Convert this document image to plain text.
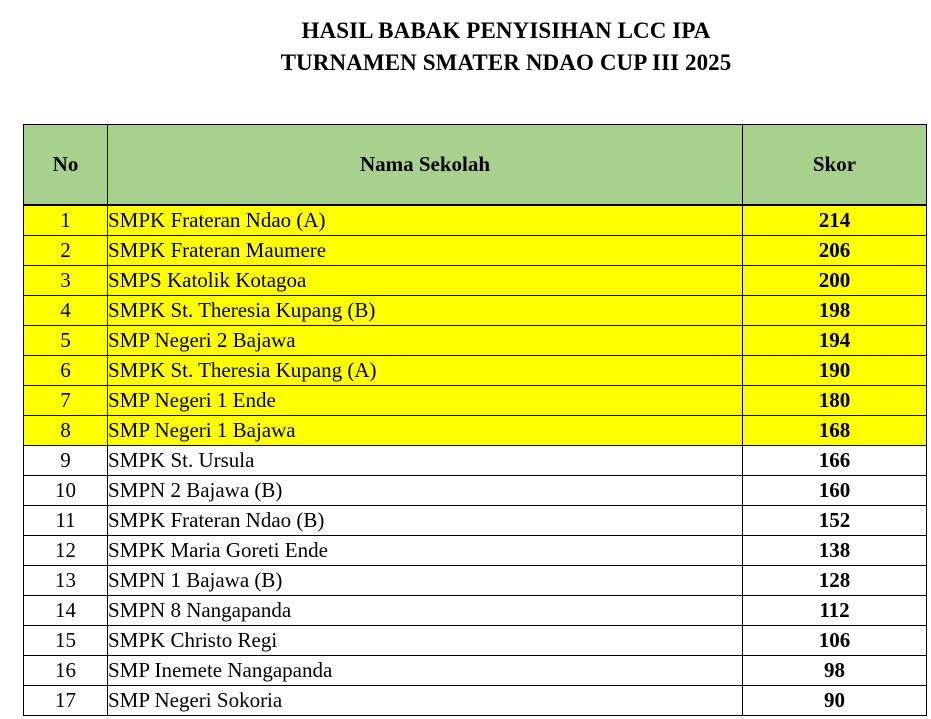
HASIL BABAK PENYISIHAN LCC IPA
TURNAMEN SMATER NDAO CUP III 2025
No	Nama Sekolah	Skor
1	SMPK Frateran Ndao (A)	214
2	SMPK Frateran Maumere	206
3	SMPS Katolik Kotagoa	200
4	SMPK St. Theresia Kupang (B)	198
5	SMP Negeri 2 Bajawa	194
6	SMPK St. Theresia Kupang (A)	190
7	SMP Negeri 1 Ende	180
8	SMP Negeri 1 Bajawa	168
9	SMPK St. Ursula	166
10	SMPN 2 Bajawa (B)	160
11	SMPK Frateran Ndao (B)	152
12	SMPK Maria Goreti Ende	138
13	SMPN 1 Bajawa (B)	128
14	SMPN 8 Nangapanda	112
15	SMPK Christo Regi	106
16	SMP Inemete Nangapanda	98
17	SMP Negeri Sokoria	90
